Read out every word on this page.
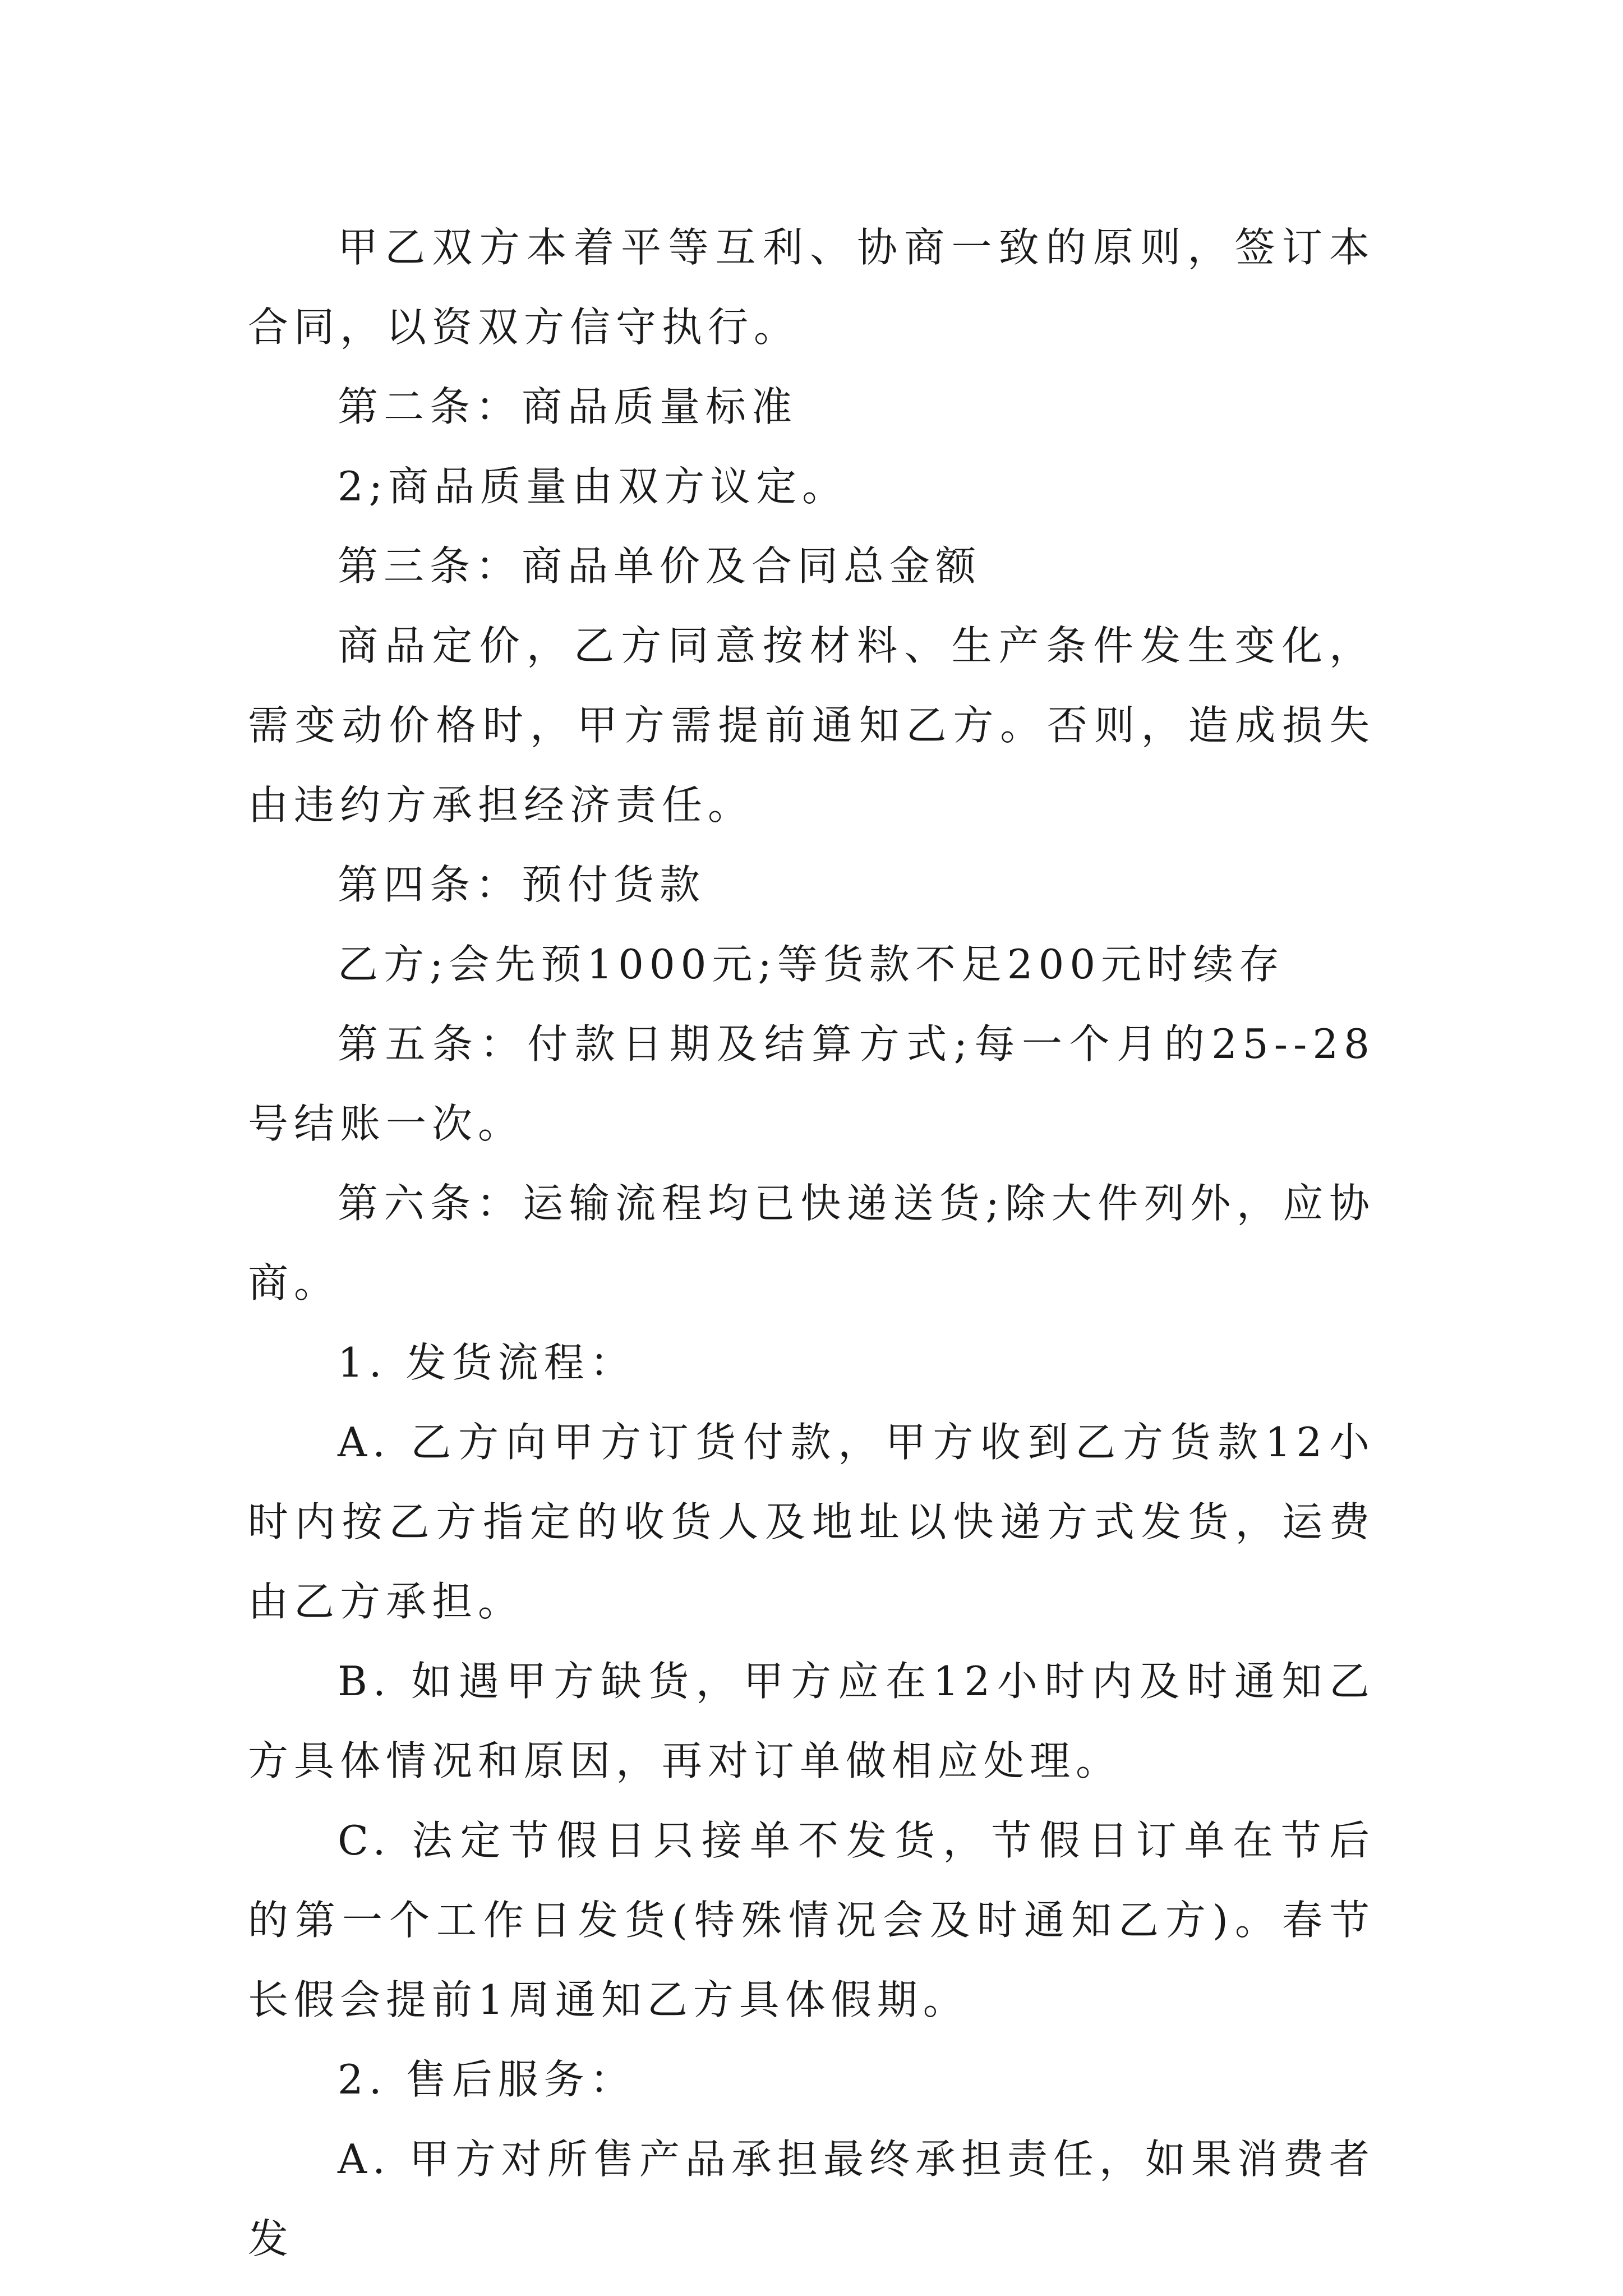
甲乙双方本着平等互利、协商一致的原则，签订本合同，以资双方信守执行。

第二条：商品质量标准

2;商品质量由双方议定。

第三条：商品单价及合同总金额

商品定价，乙方同意按材料、生产条件发生变化，需变动价格时，甲方需提前通知乙方。否则，造成损失由违约方承担经济责任。

第四条：预付货款

乙方;会先预1000元;等货款不足200元时续存

第五条：付款日期及结算方式;每一个月的25--28号结账一次。

第六条：运输流程均已快递送货;除大件列外，应协商。

1. 发货流程：

A. 乙方向甲方订货付款，甲方收到乙方货款12小时内按乙方指定的收货人及地址以快递方式发货，运费由乙方承担。

B. 如遇甲方缺货，甲方应在12小时内及时通知乙方具体情况和原因，再对订单做相应处理。

C. 法定节假日只接单不发货，节假日订单在节后的第一个工作日发货(特殊情况会及时通知乙方)。春节长假会提前1周通知乙方具体假期。

2. 售后服务：

A. 甲方对所售产品承担最终承担责任，如果消费者发
